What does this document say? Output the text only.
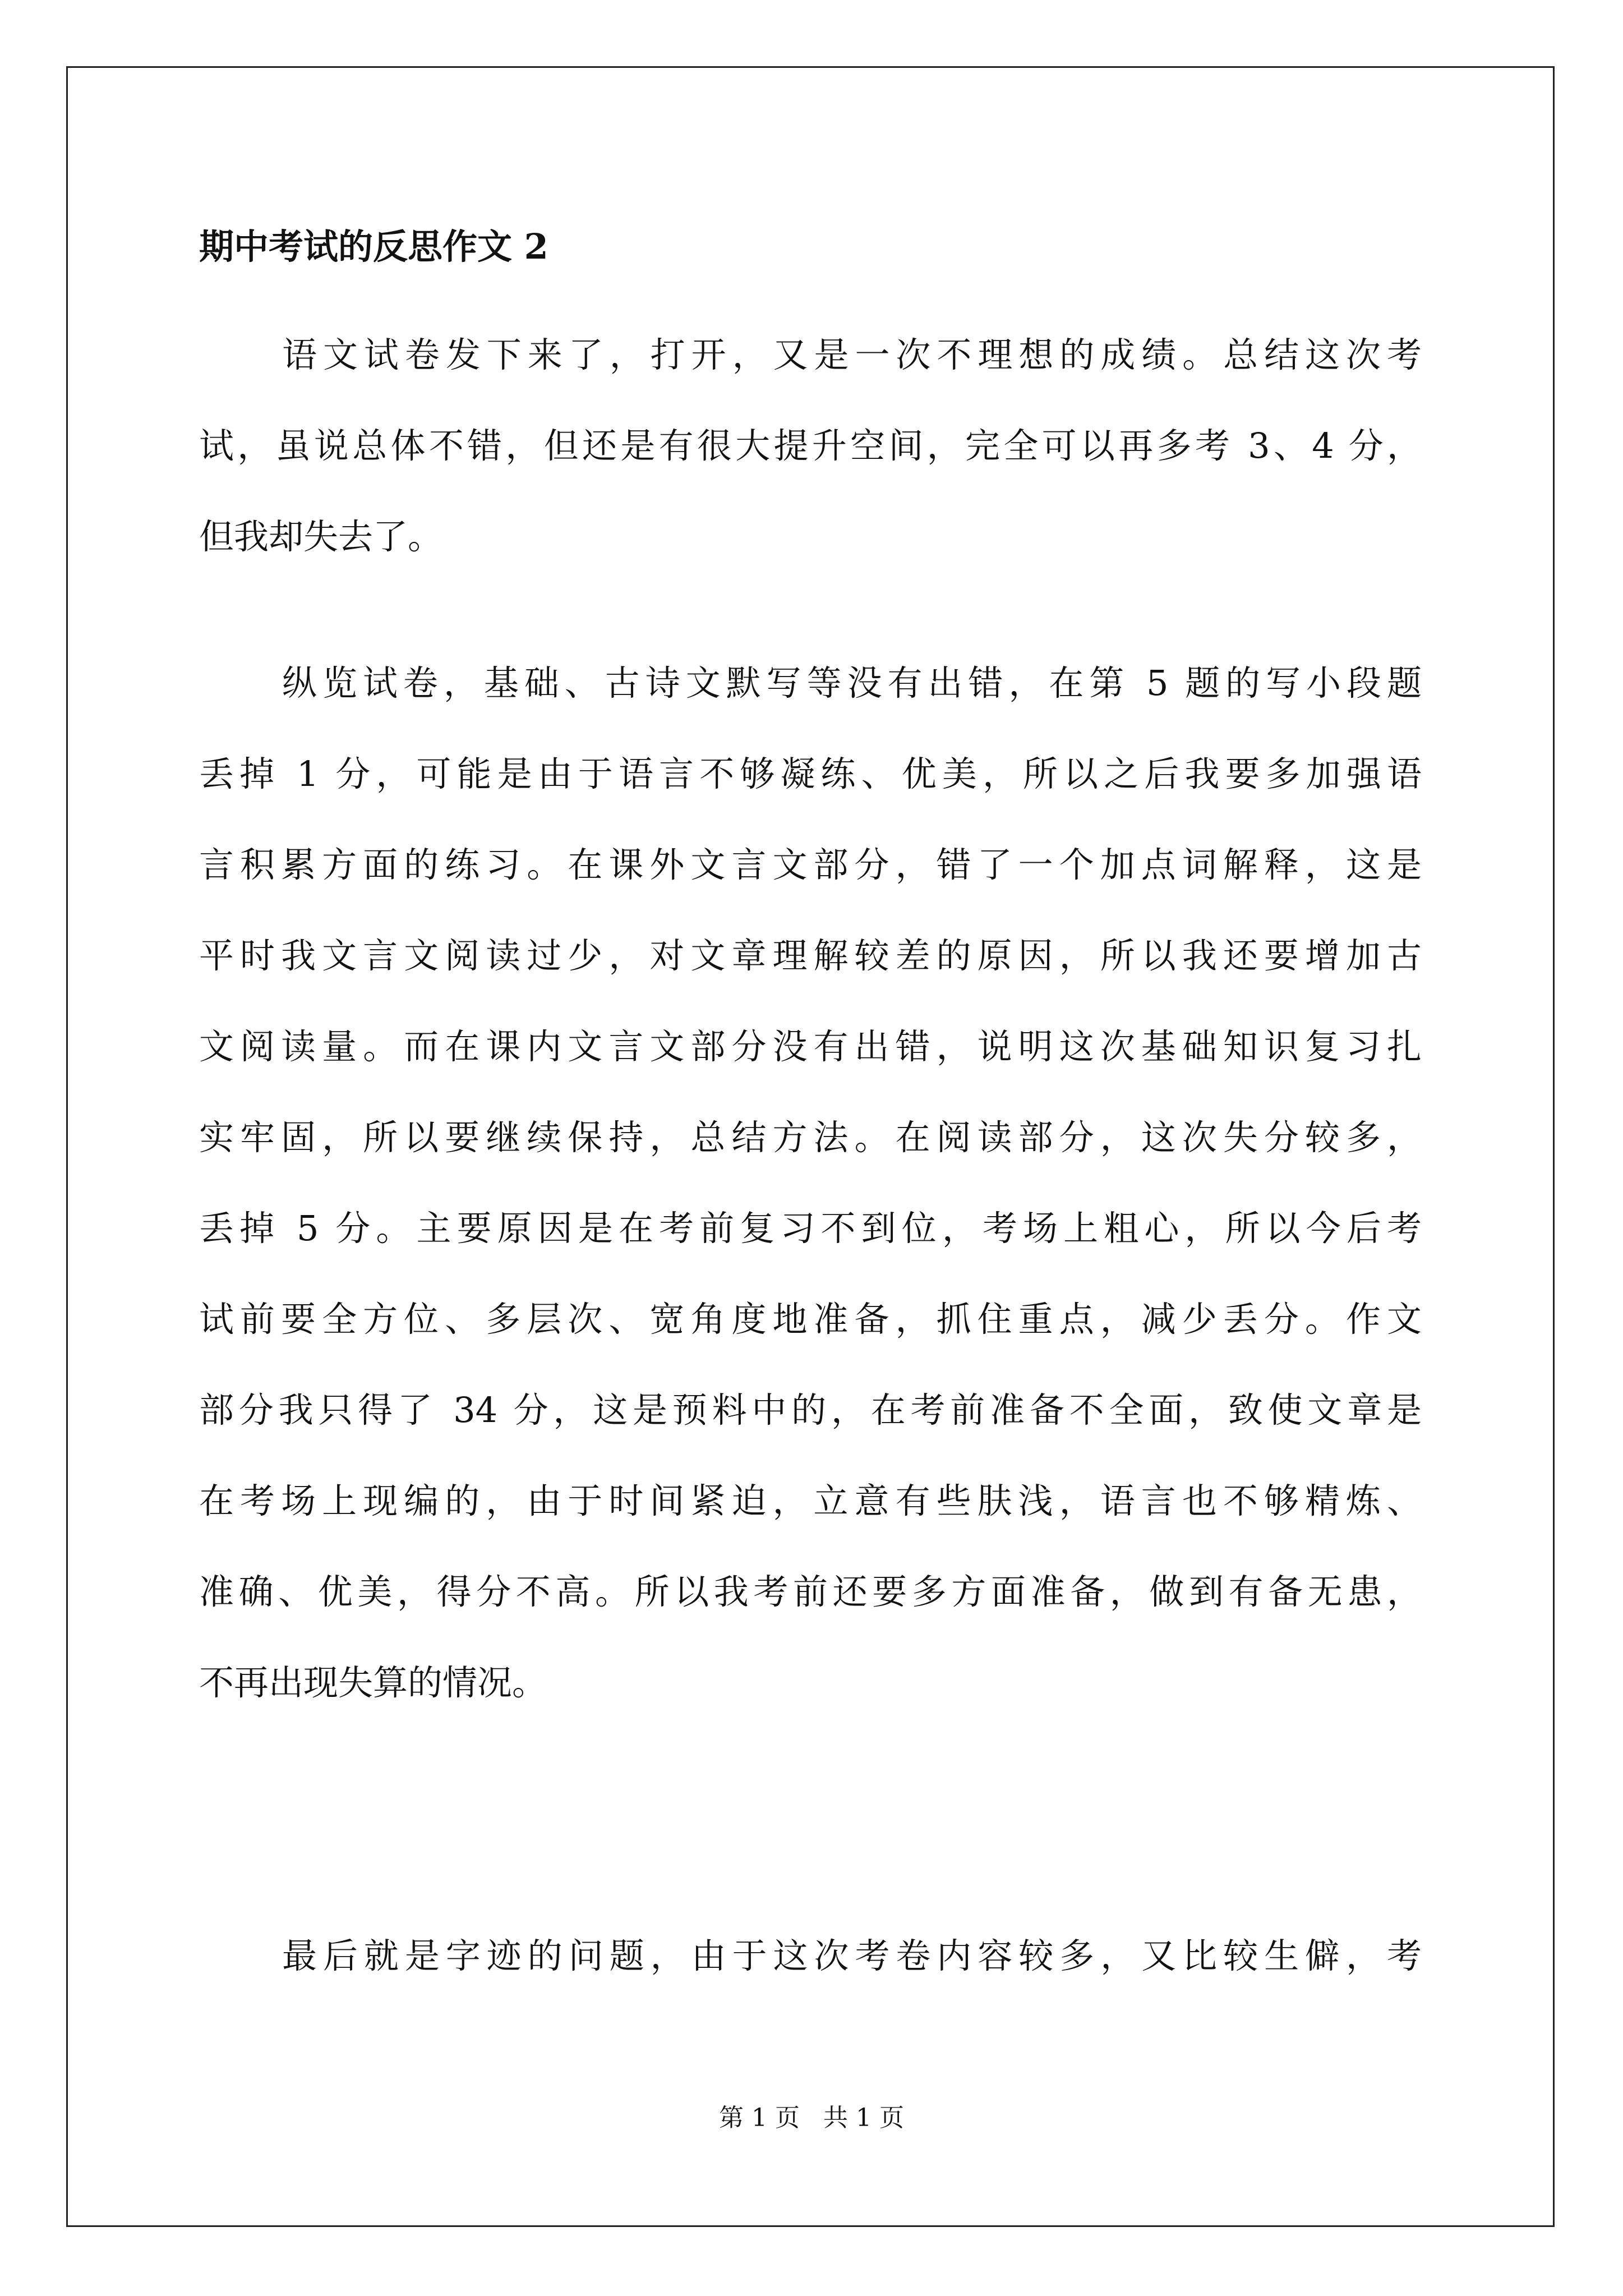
期中考试的反思作文 2
语文试卷发下来了，打开，又是一次不理想的成绩。总结这次考
试，虽说总体不错，但还是有很大提升空间，完全可以再多考 3、4 分，
但我却失去了。
纵览试卷，基础、古诗文默写等没有出错，在第 5 题的写小段题
丢掉 1 分，可能是由于语言不够凝练、优美，所以之后我要多加强语
言积累方面的练习。在课外文言文部分，错了一个加点词解释，这是
平时我文言文阅读过少，对文章理解较差的原因，所以我还要增加古
文阅读量。而在课内文言文部分没有出错，说明这次基础知识复习扎
实牢固，所以要继续保持，总结方法。在阅读部分，这次失分较多，
丢掉 5 分。主要原因是在考前复习不到位，考场上粗心，所以今后考
试前要全方位、多层次、宽角度地准备，抓住重点，减少丢分。作文
部分我只得了 34 分，这是预料中的，在考前准备不全面，致使文章是
在考场上现编的，由于时间紧迫，立意有些肤浅，语言也不够精炼、
准确、优美，得分不高。所以我考前还要多方面准备，做到有备无患，
不再出现失算的情况。
最后就是字迹的问题，由于这次考卷内容较多，又比较生僻，考
第 1 页   共 1 页
